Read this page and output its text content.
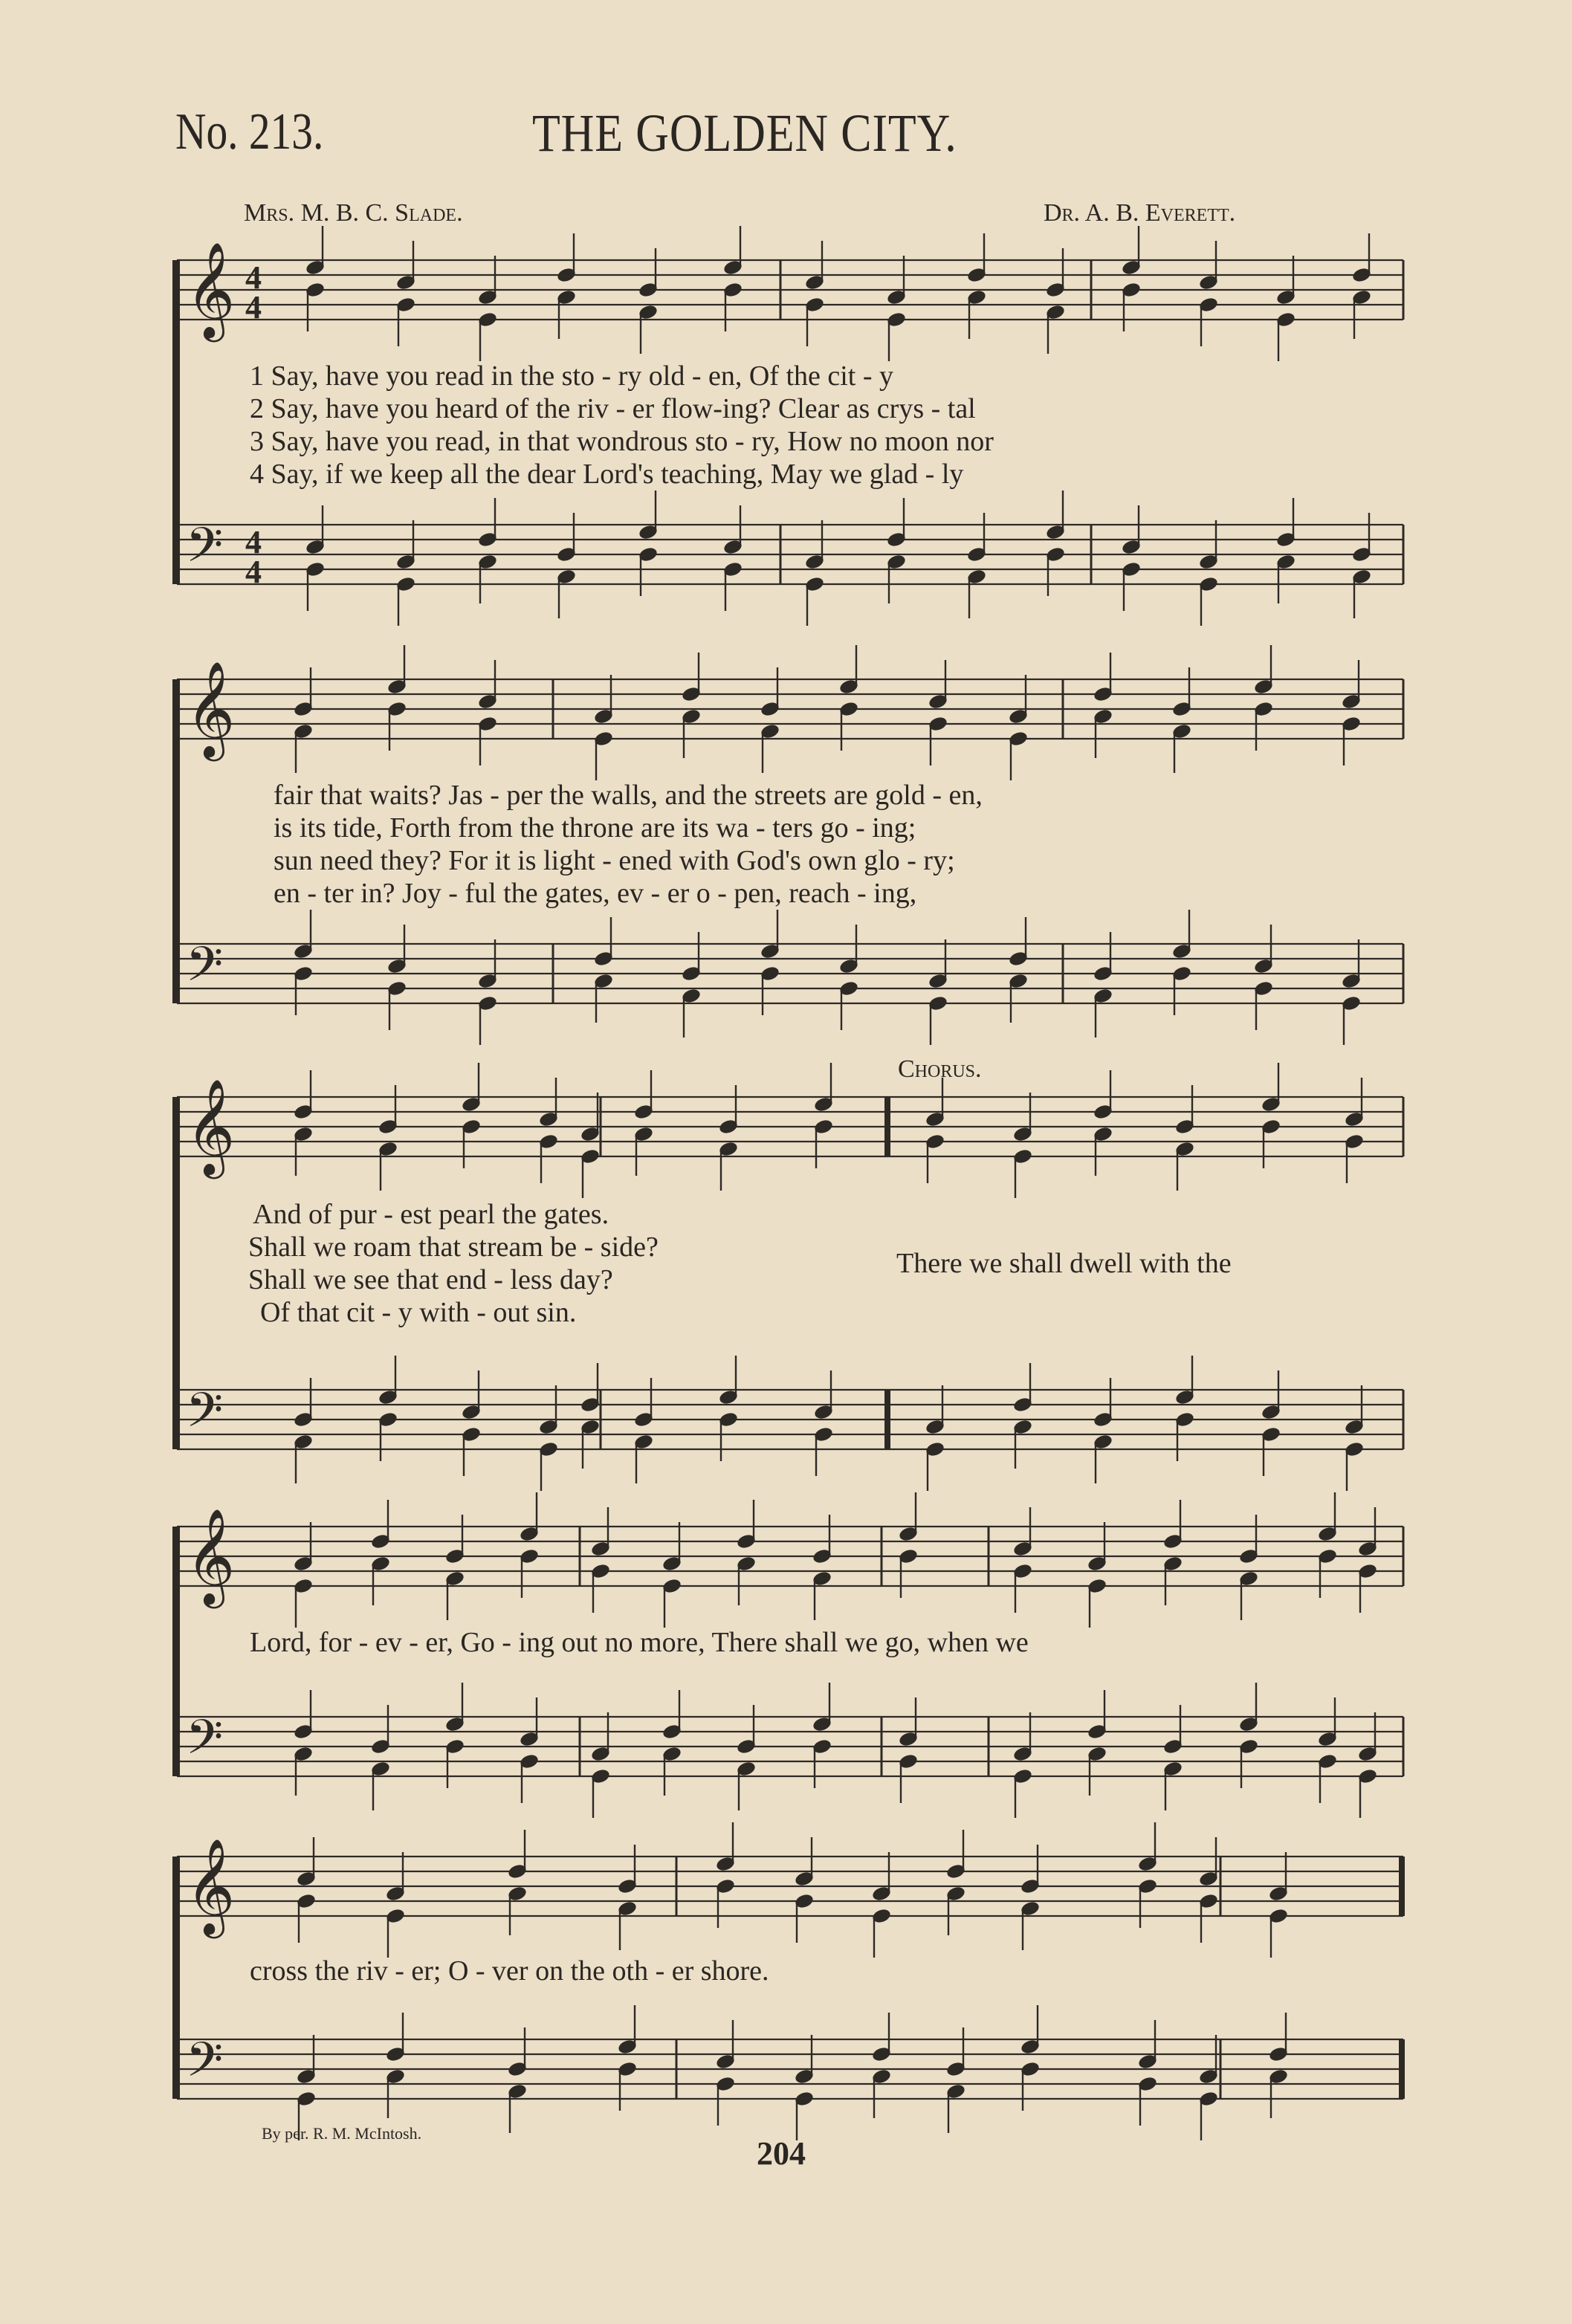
No. 213.	THE GOLDEN CITY.
Mrs. M. B. C. Slade.	Dr. A. B. Everett.
Chorus.
𝄞 4
4
𝄢 4
4
𝄞
𝄢
𝄞
𝄢
𝄞
𝄢
𝄞
𝄢
1 Say, have you read in the sto - ry old - en, Of the cit - y
2 Say, have you heard of the riv - er flow-ing? Clear as crys - tal
3 Say, have you read, in that wondrous sto - ry, How no moon nor
4 Say, if we keep all the dear Lord's teaching, May we glad - ly
fair that waits? Jas - per the walls, and the streets are gold - en,
is its tide, Forth from the throne are its wa - ters go - ing;
sun need they? For it is light - ened with God's own glo - ry;
en - ter in? Joy - ful the gates, ev - er o - pen, reach - ing,
And of pur - est pearl the gates.
Shall we roam that stream be - side?
Shall we see that end - less day?
Of that cit - y with - out sin.
There we shall dwell with the
Lord, for - ev - er, Go - ing out no more, There shall we go, when we
cross the riv - er; O - ver on the oth - er shore.
By per. R. M. McIntosh.
204
